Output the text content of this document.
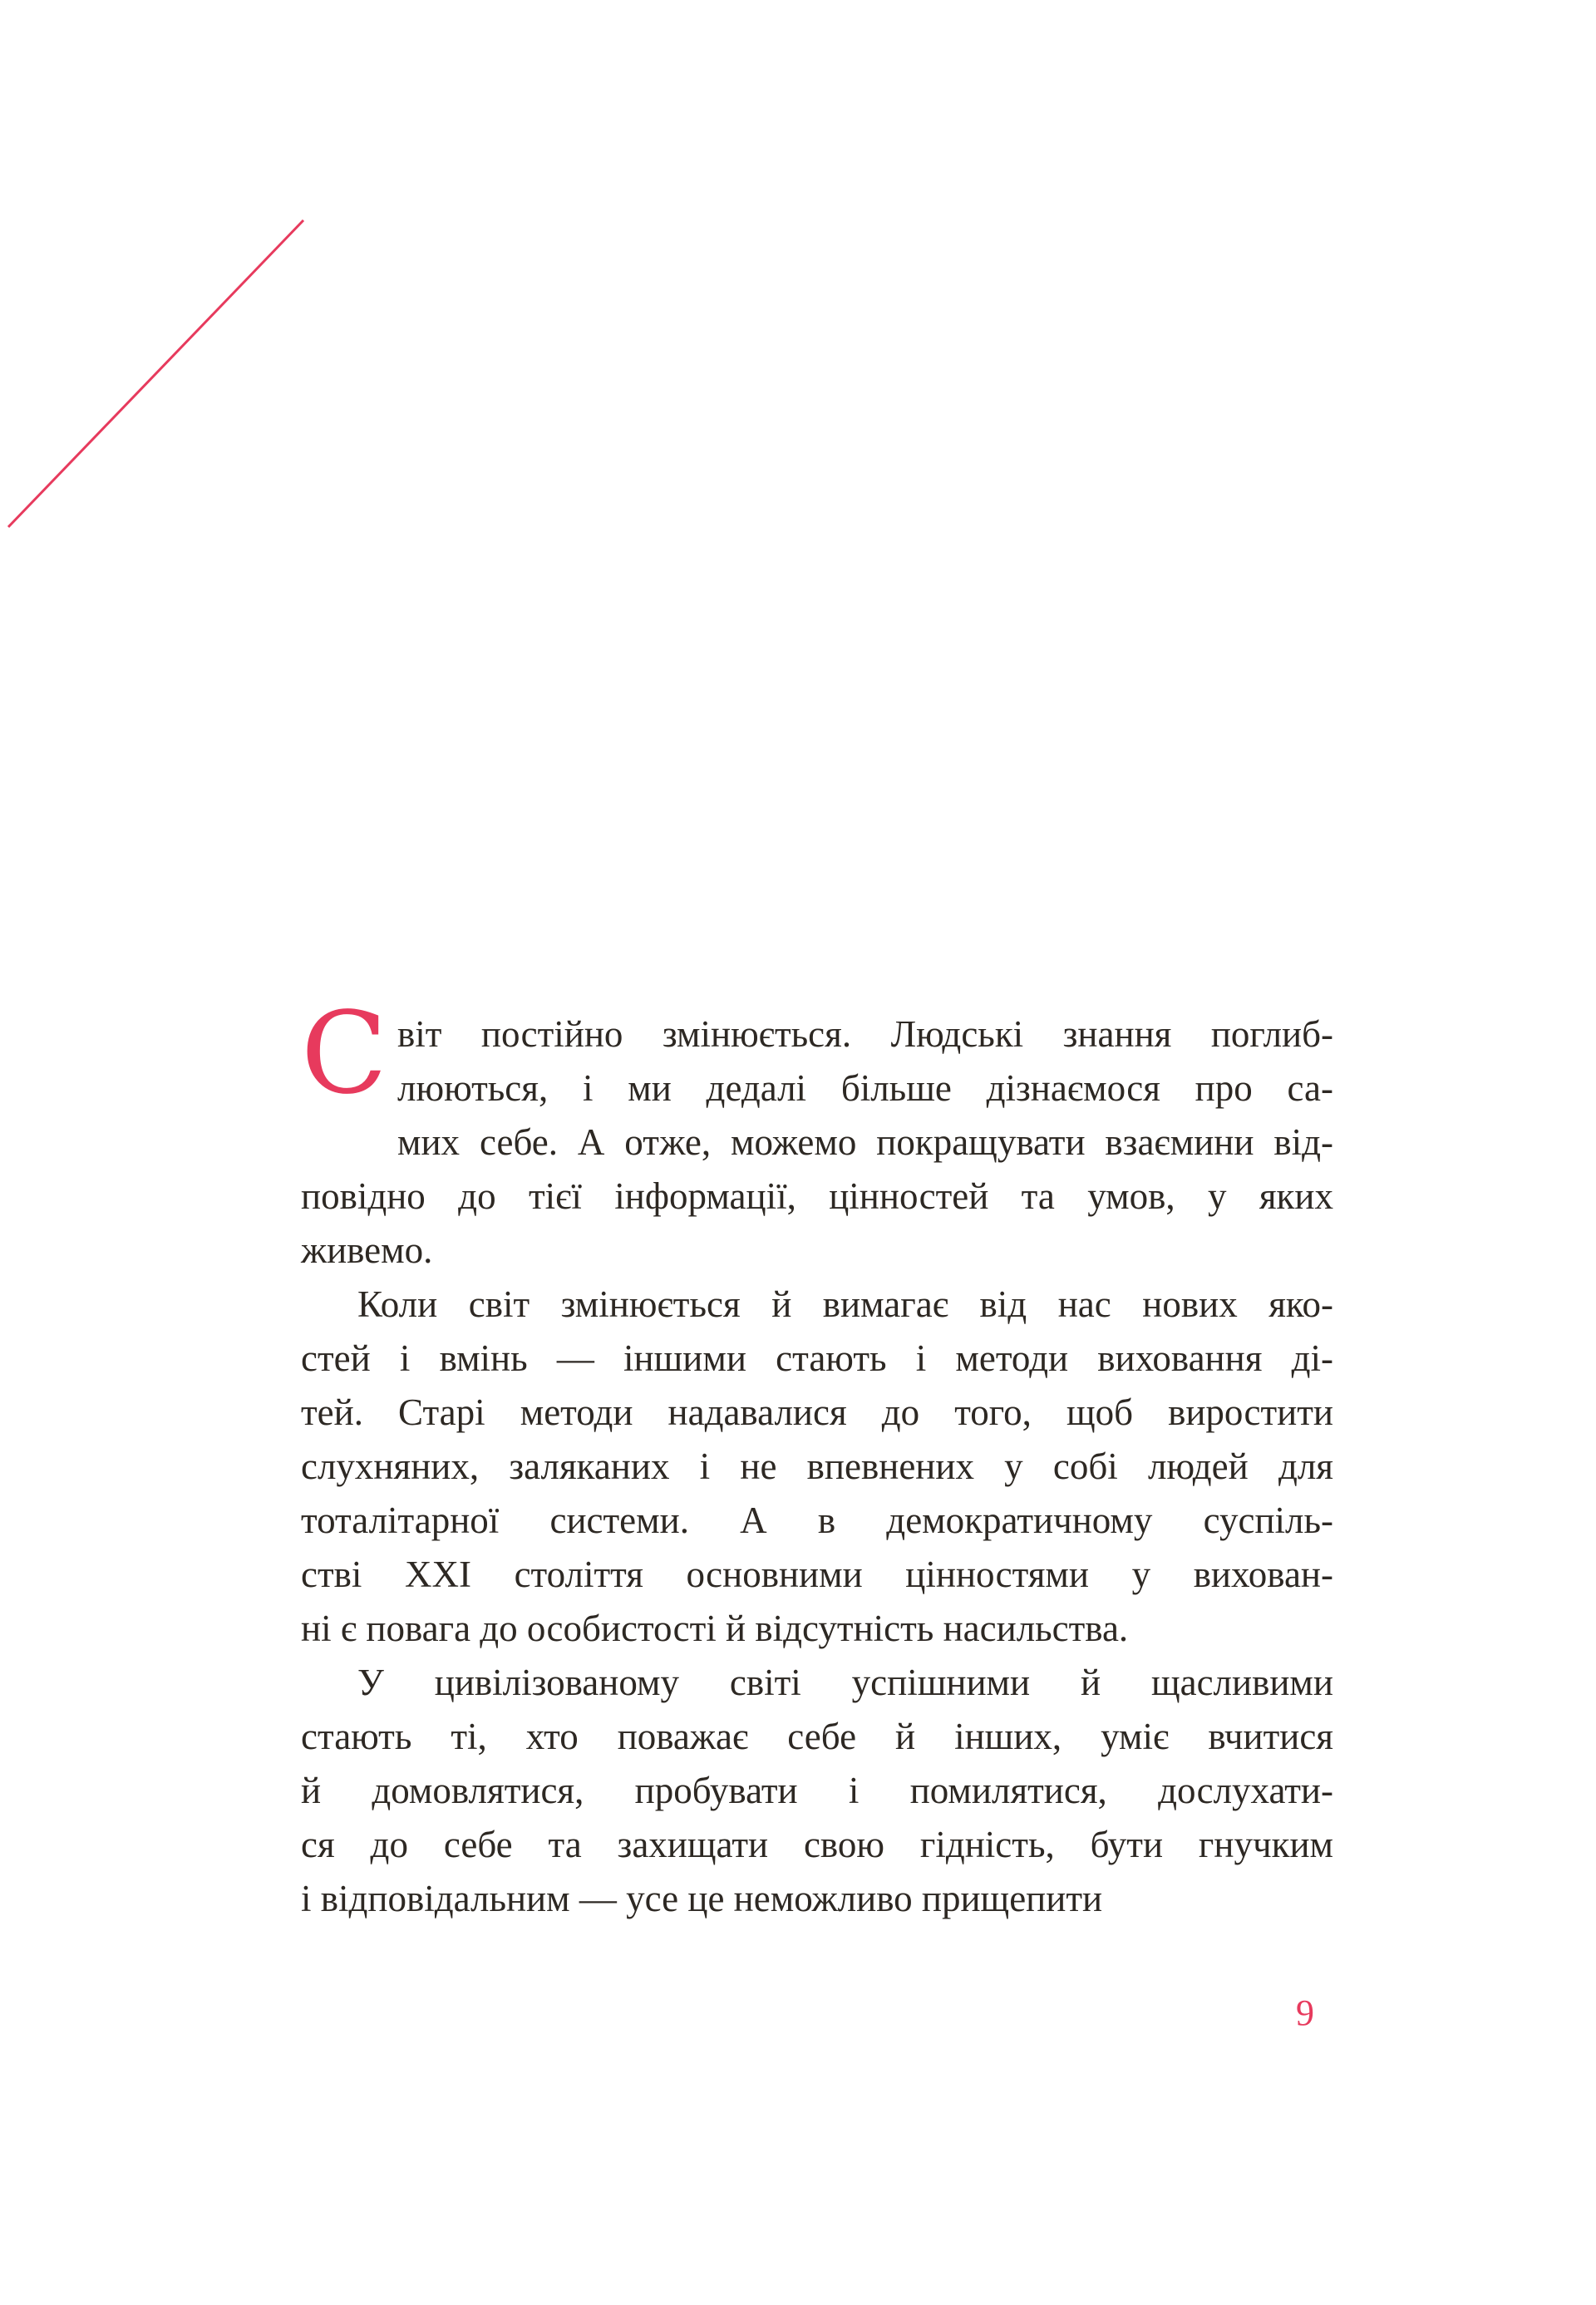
С віт постійно змінюється. Людські знання поглиб-
люються, і ми дедалі більше дізнаємося про са-
мих себе. А отже, можемо покращувати взаємини від-
повідно до тієї інформації, цінностей та умов, у яких
живемо.
Коли світ змінюється й вимагає від нас нових яко-
стей і вмінь — іншими стають і методи виховання ді-
тей. Старі методи надавалися до того, щоб виростити
слухняних, заляканих і не впевнених у собі людей для
тоталітарної системи. А в демократичному суспіль-
стві XXI століття основними цінностями у вихован-
ні є повага до особистості й відсутність насильства.
У цивілізованому світі успішними й щасливими
стають ті, хто поважає себе й інших, уміє вчитися
й домовлятися, пробувати і помилятися, дослухати-
ся до себе та захищати свою гідність, бути гнучким
і відповідальним — усе це неможливо прищепити
9
